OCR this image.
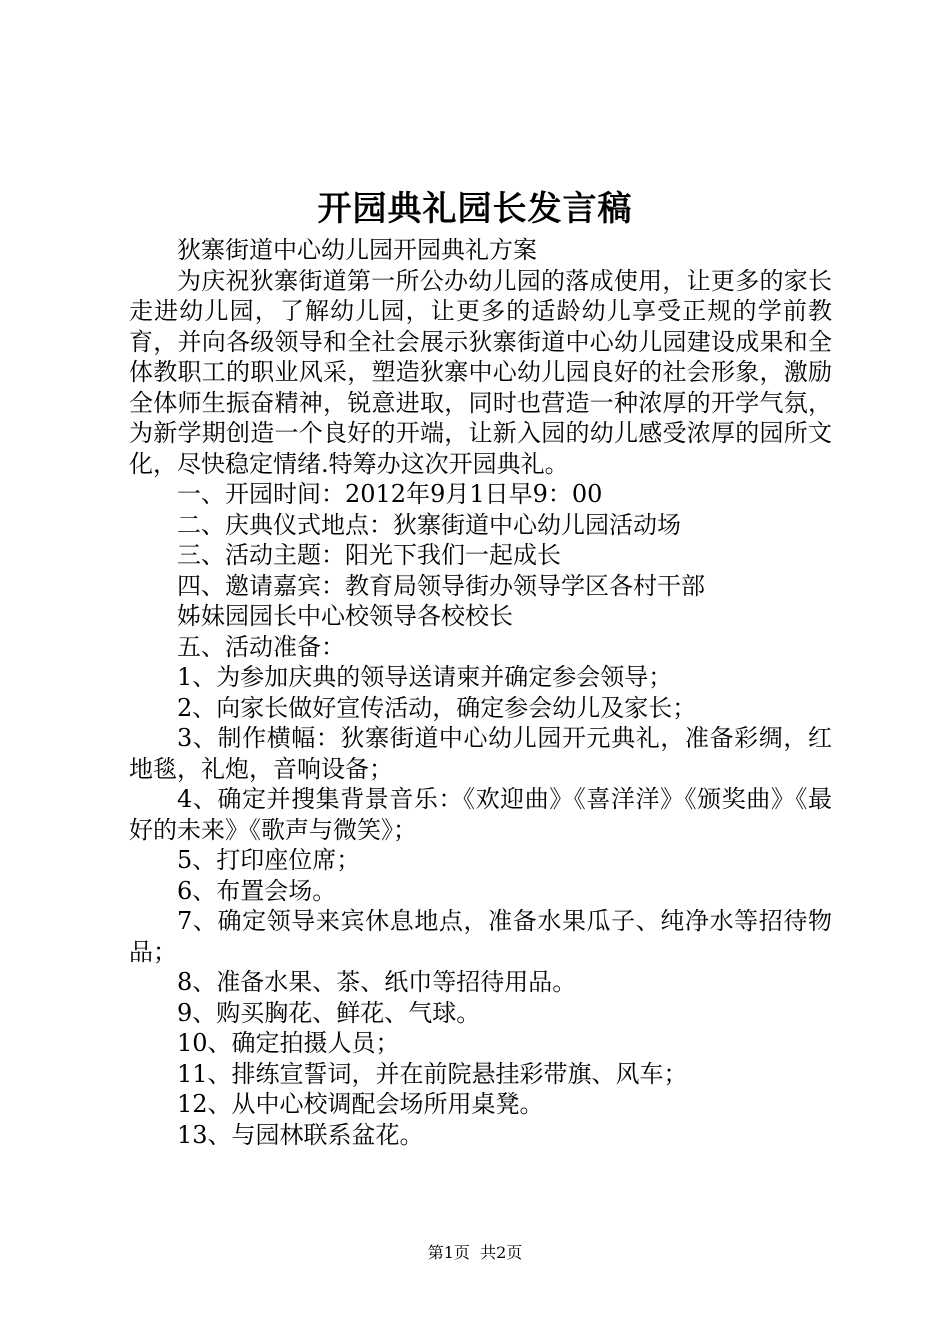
开园典礼园长发言稿

狄寨街道中心幼儿园开园典礼方案

为庆祝狄寨街道第一所公办幼儿园的落成使用，让更多的家长走进幼儿园，了解幼儿园，让更多的适龄幼儿享受正规的学前教育，并向各级领导和全社会展示狄寨街道中心幼儿园建设成果和全体教职工的职业风采，塑造狄寨中心幼儿园良好的社会形象，激励全体师生振奋精神，锐意进取，同时也营造一种浓厚的开学气氛，为新学期创造一个良好的开端，让新入园的幼儿感受浓厚的园所文化，尽快稳定情绪.特筹办这次开园典礼。

一、开园时间：2012年9月1日早9：00

二、庆典仪式地点：狄寨街道中心幼儿园活动场

三、活动主题：阳光下我们一起成长

四、邀请嘉宾：教育局领导街办领导学区各村干部

姊妹园园长中心校领导各校校长

五、活动准备：

1、为参加庆典的领导送请柬并确定参会领导；

2、向家长做好宣传活动，确定参会幼儿及家长；

3、制作横幅：狄寨街道中心幼儿园开元典礼，准备彩绸，红地毯，礼炮，音响设备；

4、确定并搜集背景音乐：《欢迎曲》《喜洋洋》《颁奖曲》《最好的未来》《歌声与微笑》；

5、打印座位席；

6、布置会场。

7、确定领导来宾休息地点，准备水果瓜子、纯净水等招待物品；

8、准备水果、茶、纸巾等招待用品。

9、购买胸花、鲜花、气球。

10、确定拍摄人员；

11、排练宣誓词，并在前院悬挂彩带旗、风车；

12、从中心校调配会场所用桌凳。

13、与园林联系盆花。

第1页  共2页
